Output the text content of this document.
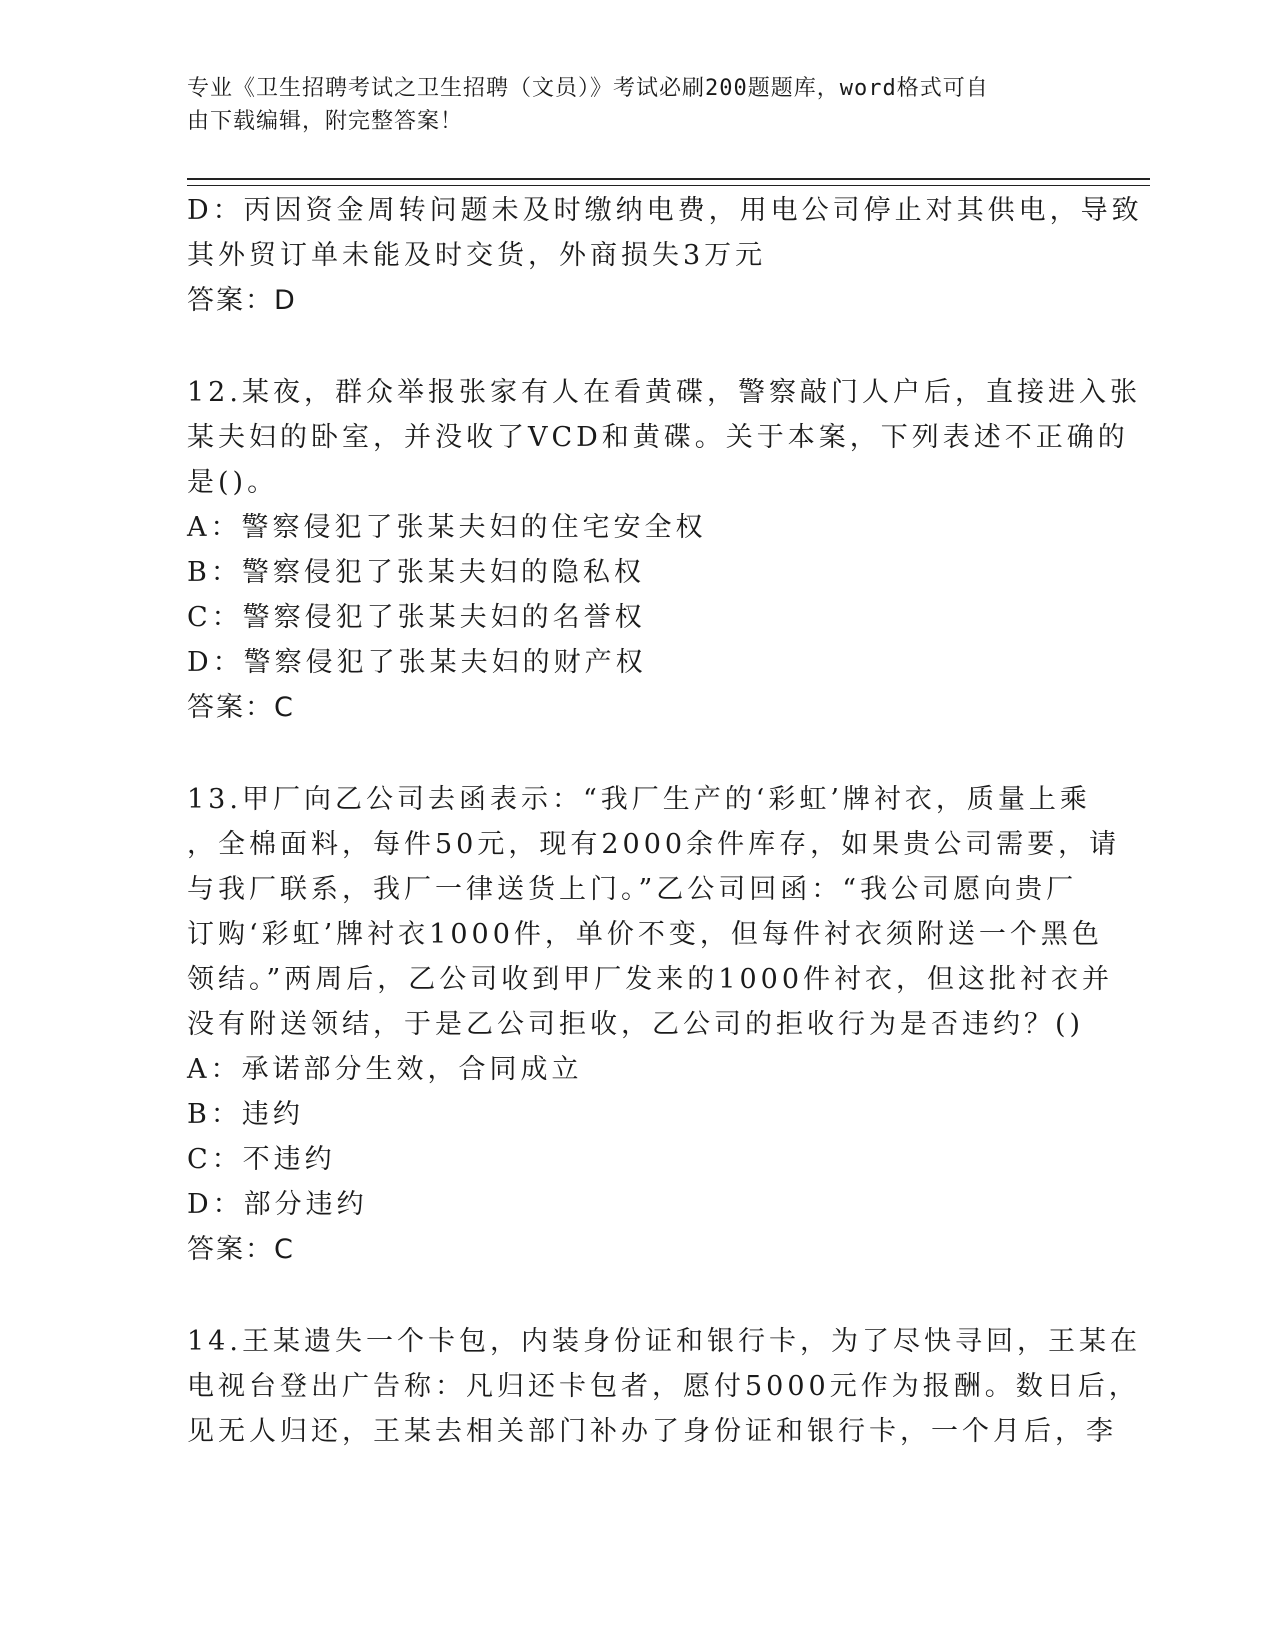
专业《卫生招聘考试之卫生招聘（文员）》考试必刷200题题库，word格式可自
由下载编辑，附完整答案！
D：丙因资金周转问题未及时缴纳电费，用电公司停止对其供电，导致
其外贸订单未能及时交货，外商损失3万元
答案：D
12.某夜，群众举报张家有人在看黄碟，警察敲门人户后，直接进入张
某夫妇的卧室，并没收了VCD和黄碟。关于本案，下列表述不正确的
是()。
A：警察侵犯了张某夫妇的住宅安全权
B：警察侵犯了张某夫妇的隐私权
C：警察侵犯了张某夫妇的名誉权
D：警察侵犯了张某夫妇的财产权
答案：C
13.甲厂向乙公司去函表示：“我厂生产的‘彩虹’牌衬衣，质量上乘
，全棉面料，每件50元，现有2000余件库存，如果贵公司需要，请
与我厂联系，我厂一律送货上门。”乙公司回函：“我公司愿向贵厂
订购‘彩虹’牌衬衣1000件，单价不变，但每件衬衣须附送一个黑色
领结。”两周后，乙公司收到甲厂发来的1000件衬衣，但这批衬衣并
没有附送领结，于是乙公司拒收，乙公司的拒收行为是否违约？()
A：承诺部分生效，合同成立
B：违约
C：不违约
D：部分违约
答案：C
14.王某遗失一个卡包，内装身份证和银行卡，为了尽快寻回，王某在
电视台登出广告称：凡归还卡包者，愿付5000元作为报酬。数日后，
见无人归还，王某去相关部门补办了身份证和银行卡，一个月后，李
